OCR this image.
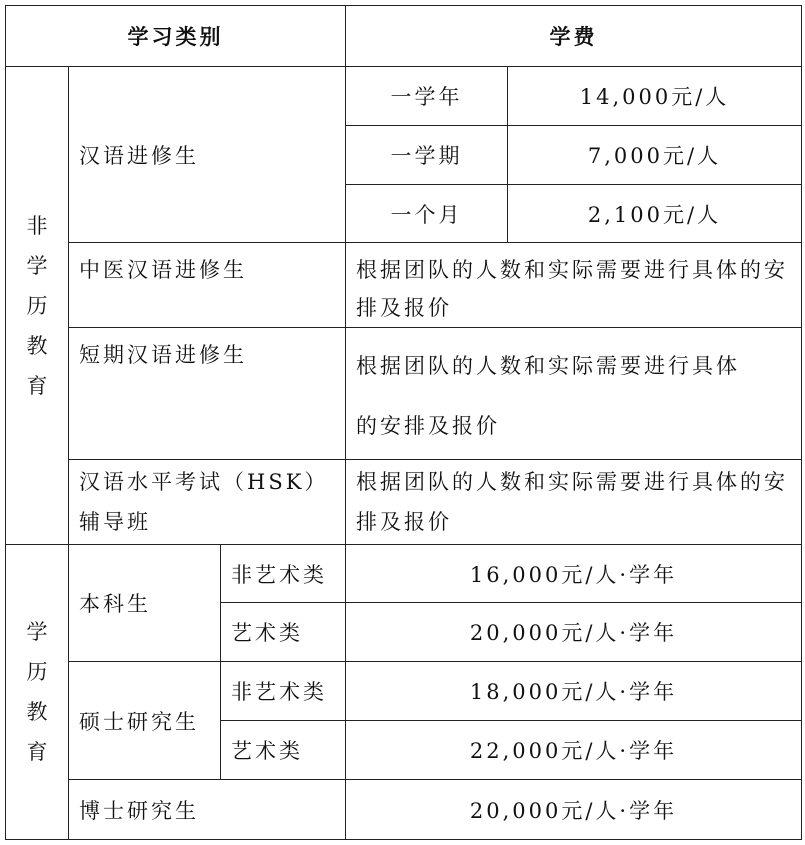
学习类别			学费	

非学历教育	汉语进修生		一学年	14,000元/人
			一学期	7,000元/人
			一个月	2,100元/人
	中医汉语进修生		根据团队的人数和实际需要进行具体的安排及报价	
	短期汉语进修生		根据团队的人数和实际需要进行具体
的安排及报价	

	汉语水平考试（HSK）辅导班		根据团队的人数和实际需要进行具体的安排及报价	

学历教育	本科生	非艺术类	16,000元/人·学年	
		艺术类	20,000元/人·学年	
	硕士研究生	非艺术类	18,000元/人·学年	
		艺术类	22,000元/人·学年	
	博士研究生		20,000元/人·学年	
